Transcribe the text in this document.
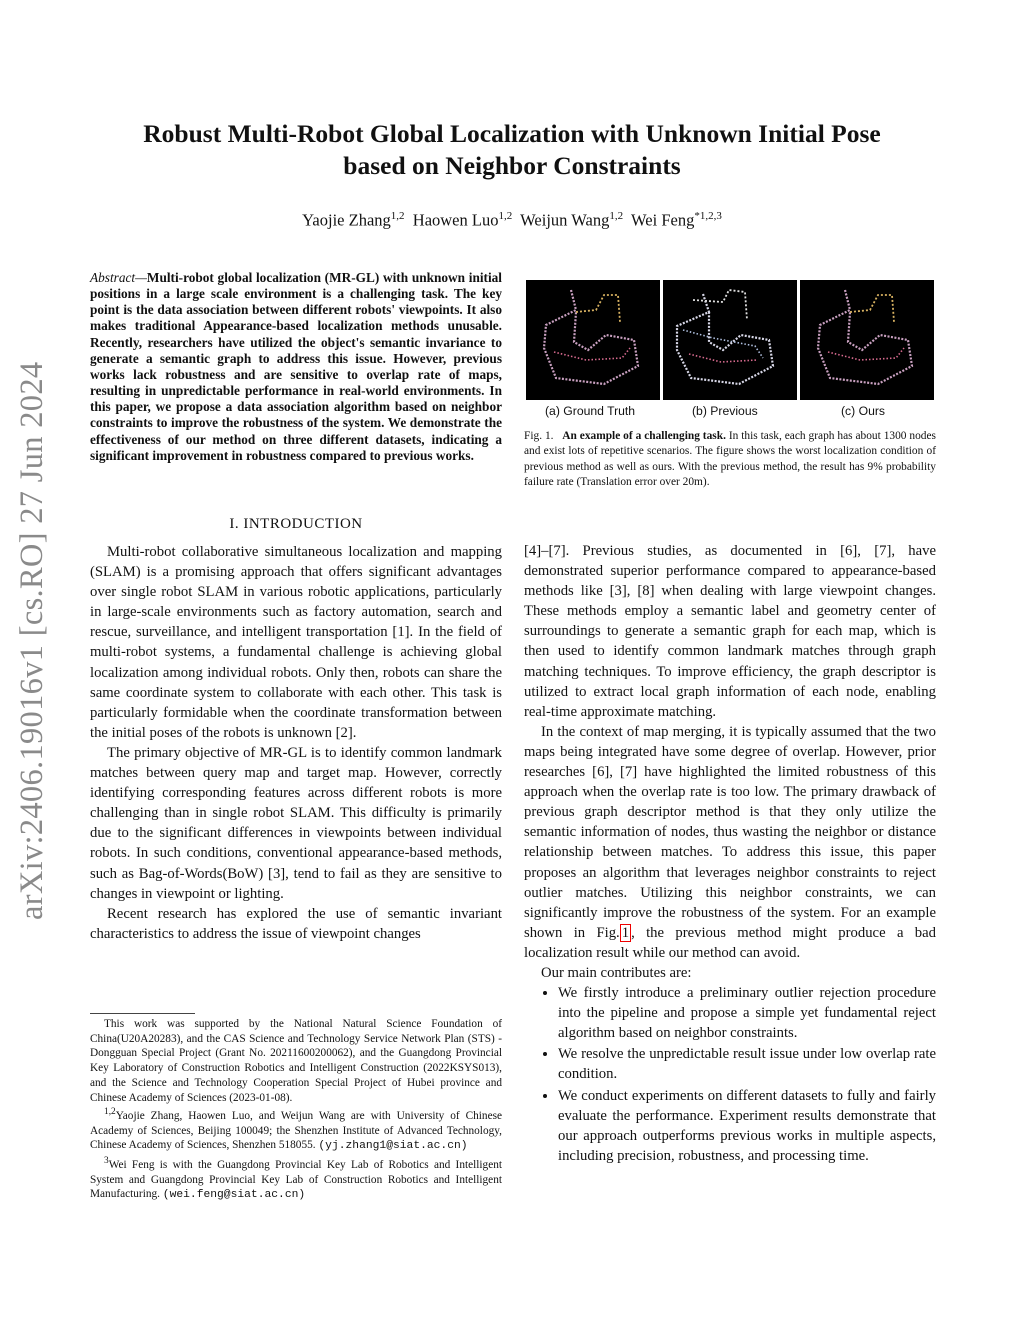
Robust Multi-Robot Global Localization with Unknown Initial Pose
based on Neighbor Constraints
Yaojie Zhang$^{1,2}$ Haowen Luo$^{1,2}$ Weijun Wang$^{1,2}$ Wei Feng$^{*1,2,3}$
arXiv:2406.19016v1 [cs.RO] 27 Jun 2024
Abstract—Multi-robot global localization (MR-GL) with unknown initial positions in a large scale environment is a challenging task. The key point is the data association between different robots' viewpoints. It also makes traditional Appearance-based localization methods unusable. Recently, researchers have utilized the object's semantic invariance to generate a semantic graph to address this issue. However, previous works lack robustness and are sensitive to overlap rate of maps, resulting in unpredictable performance in real-world environments. In this paper, we propose a data association algorithm based on neighbor constraints to improve the robustness of the system. We demonstrate the effectiveness of our method on three different datasets, indicating a significant improvement in robustness compared to previous works.
I. INTRODUCTION

Multi-robot collaborative simultaneous localization and mapping (SLAM) is a promising approach that offers significant advantages over single robot SLAM in various robotic applications, particularly in large-scale environments such as factory automation, search and rescue, surveillance, and intelligent transportation [1]. In the field of multi-robot systems, a fundamental challenge is achieving global localization among individual robots. Only then, robots can share the same coordinate system to collaborate with each other. This task is particularly formidable when the coordinate transformation between the initial poses of the robots is unknown [2].

The primary objective of MR-GL is to identify common landmark matches between query map and target map. However, correctly identifying corresponding features across different robots is more challenging than in single robot SLAM. This difficulty is primarily due to the significant differences in viewpoints between individual robots. In such conditions, conventional appearance-based methods, such as Bag-of-Words(BoW) [3], tend to fail as they are sensitive to changes in viewpoint or lighting.

Recent research has explored the use of semantic invariant characteristics to address the issue of viewpoint changes

This work was supported by the National Natural Science Foundation of China(U20A20283), and the CAS Science and Technology Service Network Plan (STS) - Dongguan Special Project (Grant No. 20211600200062), and the Guangdong Provincial Key Laboratory of Construction Robotics and Intelligent Construction (2022KSYS013), and the Science and Technology Cooperation Special Project of Hubei province and Chinese Academy of Sciences (2023-01-08).

$^{1,2}$Yaojie Zhang, Haowen Luo, and Weijun Wang are with University of Chinese Academy of Sciences, Beijing 100049; the Shenzhen Institute of Advanced Technology, Chinese Academy of Sciences, Shenzhen 518055. (yj.zhang1@siat.ac.cn)

$^3$Wei Feng is with the Guangdong Provincial Key Lab of Robotics and Intelligent System and Guangdong Provincial Key Lab of Construction Robotics and Intelligent Manufacturing. (wei.feng@siat.ac.cn)

(a) Ground Truth	(b) Previous	(c) Ours
Fig. 1. An example of a challenging task. In this task, each graph has about 1300 nodes and exist lots of repetitive scenarios. The figure shows the worst localization condition of previous method as well as ours. With the previous method, the result has 9% probability failure rate (Translation error over 20m).

[4]–[7]. Previous studies, as documented in [6], [7], have demonstrated superior performance compared to appearance-based methods like [3], [8] when dealing with large viewpoint changes. These methods employ a semantic label and geometry center of surroundings to generate a semantic graph for each map, which is then used to identify common landmark matches through graph matching techniques. To improve efficiency, the graph descriptor is utilized to extract local graph information of each node, enabling real-time approximate matching.

In the context of map merging, it is typically assumed that the two maps being integrated have some degree of overlap. However, prior researches [6], [7] have highlighted the limited robustness of this approach when the overlap rate is too low. The primary drawback of previous graph descriptor method is that they only utilize the semantic information of nodes, thus wasting the neighbor or distance relationship between matches. To address this issue, this paper proposes an algorithm that leverages neighbor constraints to reject outlier matches. Utilizing this neighbor constraints, we can significantly improve the robustness of the system. For an example shown in Fig. 1 , the previous method might produce a bad localization result while our method can avoid.

Our main contributes are:

• We firstly introduce a preliminary outlier rejection procedure into the pipeline and propose a simple yet fundamental reject algorithm based on neighbor constraints.
• We resolve the unpredictable result issue under low overlap rate condition.
• We conduct experiments on different datasets to fully and fairly evaluate the performance. Experiment results demonstrate that our approach outperforms previous works in multiple aspects, including precision, robustness, and processing time.
